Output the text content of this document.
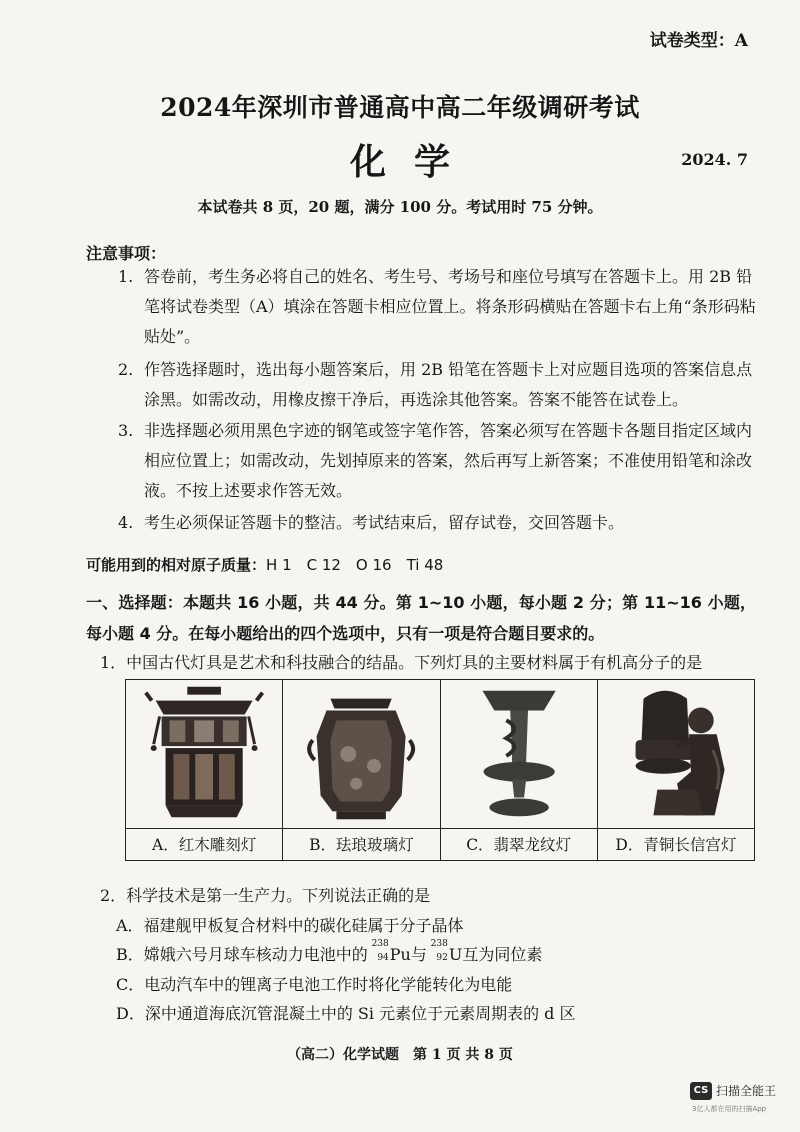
试卷类型：A
2024年深圳市普通高中高二年级调研考试
化学	2024. 7
本试卷共 8 页，20 题，满分 100 分。考试用时 75 分钟。
注意事项：
1. 答卷前，考生务必将自己的姓名、考生号、考场号和座位号填写在答题卡上。用 2B 铅笔将试卷类型（A）填涂在答题卡相应位置上。将条形码横贴在答题卡右上角“条形码粘贴处”。
2. 作答选择题时，选出每小题答案后，用 2B 铅笔在答题卡上对应题目选项的答案信息点涂黑。如需改动，用橡皮擦干净后，再选涂其他答案。答案不能答在试卷上。
3. 非选择题必须用黑色字迹的钢笔或签字笔作答，答案必须写在答题卡各题目指定区域内相应位置上；如需改动，先划掉原来的答案，然后再写上新答案；不准使用铅笔和涂改液。不按上述要求作答无效。
4. 考生必须保证答题卡的整洁。考试结束后，留存试卷，交回答题卡。
可能用到的相对原子质量：H 1　C 12　O 16　Ti 48
一、选择题：本题共 16 小题，共 44 分。第 1~10 小题，每小题 2 分；第 11~16 小题，每小题 4 分。在每小题给出的四个选项中，只有一项是符合题目要求的。
1．中国古代灯具是艺术和科技融合的结晶。下列灯具的主要材料属于有机高分子的是
A．红木雕刻灯	B．珐琅玻璃灯	C．翡翠龙纹灯	D．青铜长信宫灯
2．科学技术是第一生产力。下列说法正确的是
A．福建舰甲板复合材料中的碳化硅属于分子晶体
B．嫦娥六号月球车核动力电池中的
238
94 Pu与
238
92 U互为同位素
C．电动汽车中的锂离子电池工作时将化学能转化为电能
D．深中通道海底沉管混凝土中的 Si 元素位于元素周期表的 d 区
（高二）化学试题　第 1 页 共 8 页
CS 扫描全能王
3亿人都在用的扫描App
